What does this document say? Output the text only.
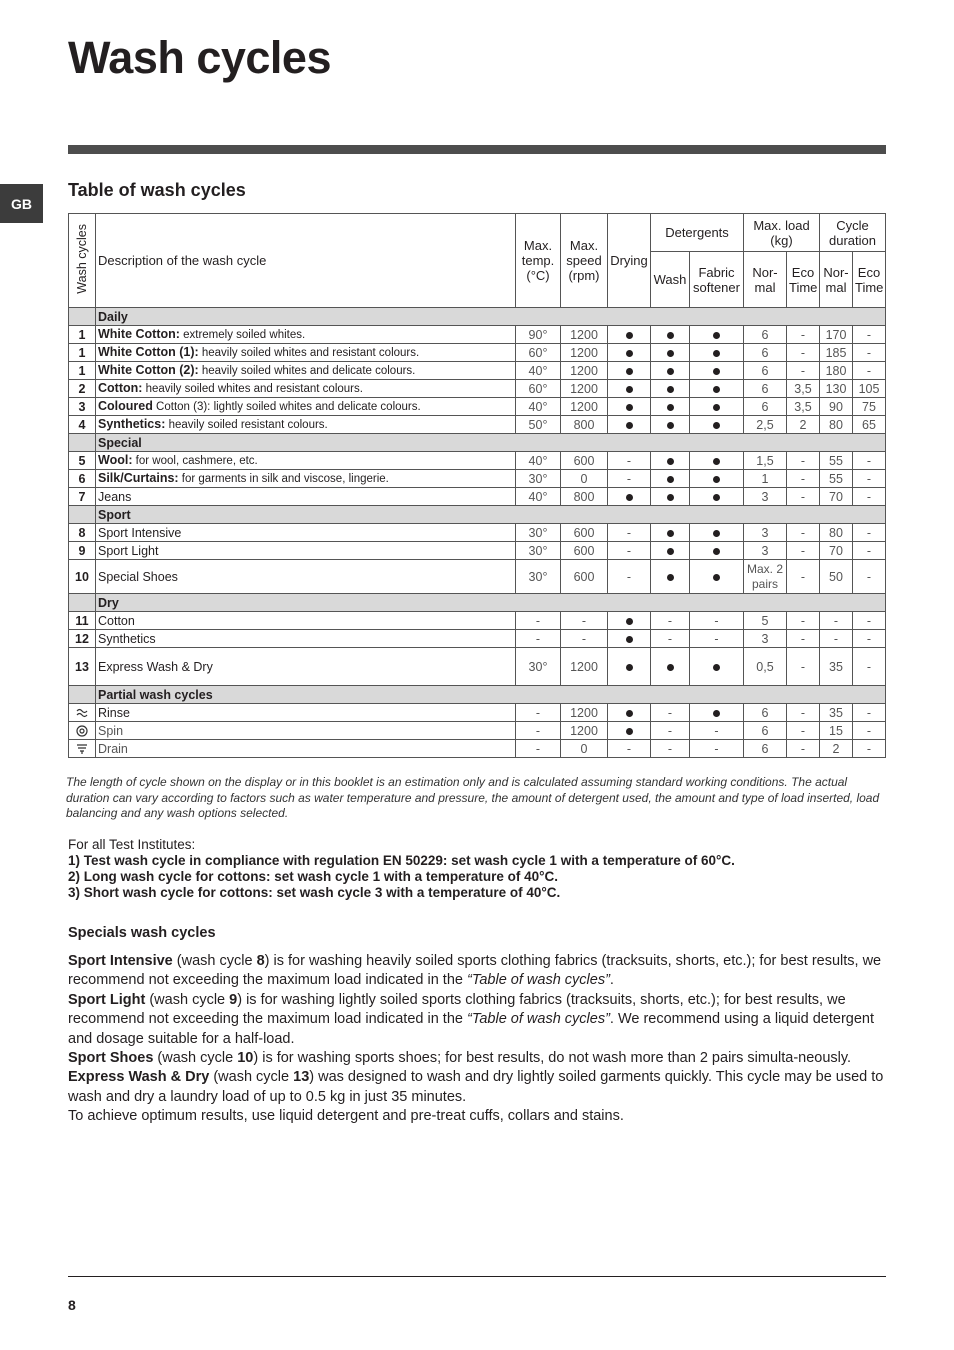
Wash cycles
GB
Table of wash cycles
Wash cycles	Description of the wash cycle	Max. temp. (°C)	Max. speed (rpm)	Drying	Detergents		Max. load (kg)		Cycle duration	
					Wash	Fabric softener	Nor- mal	Eco Time	Nor- mal	Eco Time
	Daily									
1	White Cotton: extremely soiled whites.	90°	1200				6	-	170	-
1	White Cotton (1): heavily soiled whites and resistant colours.	60°	1200				6	-	185	-
1	White Cotton (2): heavily soiled whites and delicate colours.	40°	1200				6	-	180	-
2	Cotton: heavily soiled whites and resistant colours.	60°	1200				6	3,5	130	105
3	Coloured Cotton (3): lightly soiled whites and delicate colours.	40°	1200				6	3,5	90	75
4	Synthetics: heavily soiled resistant colours.	50°	800				2,5	2	80	65
	Special									
5	Wool: for wool, cashmere, etc.	40°	600	-			1,5	-	55	-
6	Silk/Curtains: for garments in silk and viscose, lingerie.	30°	0	-			1	-	55	-
7	Jeans	40°	800				3	-	70	-
	Sport									
8	Sport Intensive	30°	600	-			3	-	80	-
9	Sport Light	30°	600	-			3	-	70	-
10	Special Shoes	30°	600	-			Max. 2 pairs	-	50	-
	Dry									
11	Cotton	-	-		-	-	5	-	-	-
12	Synthetics	-	-		-	-	3	-	-	-
13	Express Wash & Dry	30°	1200				0,5	-	35	-
	Partial wash cycles									
	Rinse	-	1200		-		6	-	35	-
	Spin	-	1200		-	-	6	-	15	-
	Drain	-	0	-	-	-	6	-	2	-

The length of cycle shown on the display or in this booklet is an estimation only and is calculated assuming standard working conditions. The actual duration can vary according to factors such as water temperature and pressure, the amount of detergent used, the amount and type of load inserted, load balancing and any wash options selected.

For all Test Institutes:
1) Test wash cycle in compliance with regulation EN 50229: set wash cycle 1 with a temperature of 60°C.
2) Long wash cycle for cottons: set wash cycle 1 with a temperature of 40°C.
3) Short wash cycle for cottons: set wash cycle 3 with a temperature of 40°C.
Specials wash cycles

Sport Intensive (wash cycle 8) is for washing heavily soiled sports clothing fabrics (tracksuits, shorts, etc.); for best results, we recommend not exceeding the maximum load indicated in the “Table of wash cycles”.

Sport Light (wash cycle 9) is for washing lightly soiled sports clothing fabrics (tracksuits, shorts, etc.); for best results, we recommend not exceeding the maximum load indicated in the “Table of wash cycles”. We recommend using a liquid detergent and dosage suitable for a half-load.

Sport Shoes (wash cycle 10) is for washing sports shoes; for best results, do not wash more than 2 pairs simulta-neously.

Express Wash & Dry (wash cycle 13) was designed to wash and dry lightly soiled garments quickly. This cycle may be used to wash and dry a laundry load of up to 0.5 kg in just 35 minutes.

To achieve optimum results, use liquid detergent and pre-treat cuffs, collars and stains.

8
